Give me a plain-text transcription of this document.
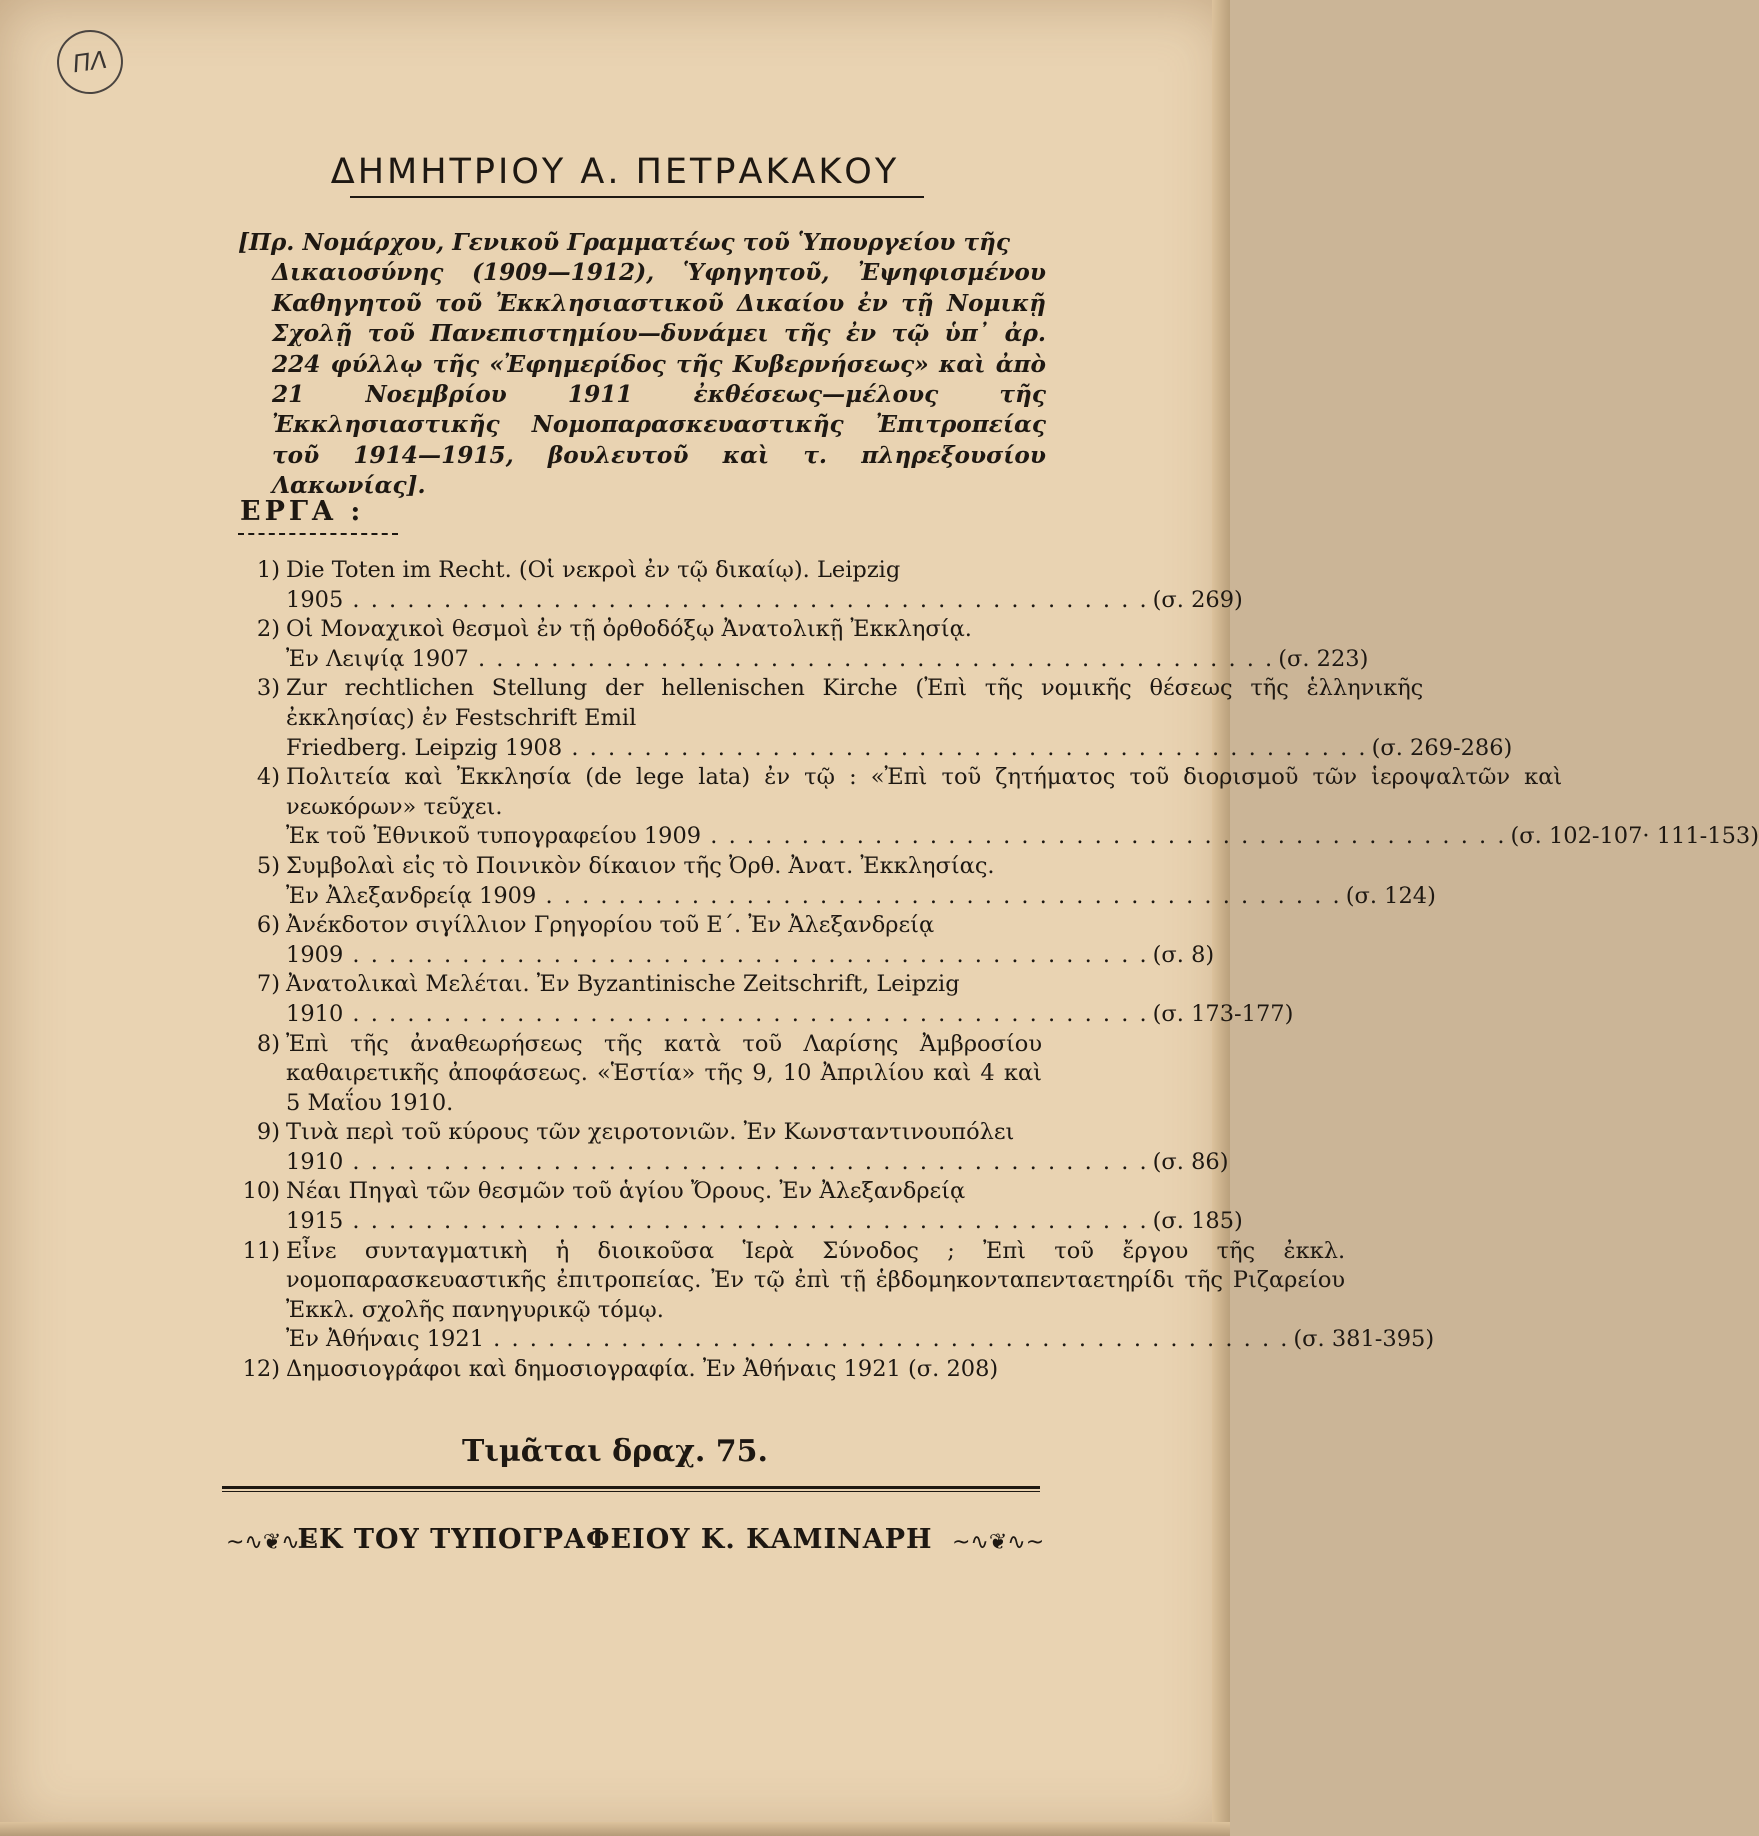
ΠΛ
ΔΗΜΗΤΡΙΟΥ Α. ΠΕΤΡΑΚΑΚΟΥ
[Πρ. Νομάρχου, Γενικοῦ Γραμματέως τοῦ Ὑπουργείου τῆς
Δικαιοσύνης (1909—1912), Ὑφηγητοῦ, Ἐψηφισμένου Καθηγητοῦ τοῦ Ἐκκλησιαστικοῦ Δικαίου ἐν τῇ Νομικῇ Σχολῇ τοῦ Πανεπιστημίου—δυνάμει τῆς ἐν τῷ ὑπ᾽ ἀρ. 224 φύλλῳ τῆς «Ἐφημερίδος τῆς Κυβερνήσεως» καὶ ἀπὸ 21 Νοεμβρίου 1911 ἐκθέσεως—μέλους τῆς Ἐκκλησιαστικῆς Νομοπαρασκευαστικῆς Ἐπιτροπείας τοῦ 1914—1915, βουλευτοῦ καὶ τ. πληρεξουσίου Λακωνίας].
ΕΡΓΑ :
1) Die Toten im Recht. (Οἱ νεκροὶ ἐν τῷ δικαίῳ). Leipzig
1905 . . .	(σ. 269)
2) Οἱ Μοναχικοὶ θεσμοὶ ἐν τῇ ὀρθοδόξῳ Ἀνατολικῇ Ἐκκλησίᾳ.
Ἐν Λειψίᾳ 1907 . . .	(σ. 223)
3) Zur rechtlichen Stellung der hellenischen Kirche (Ἐπὶ τῆς νομικῆς θέσεως τῆς ἑλληνικῆς ἐκκλησίας) ἐν Festschrift Emil
Friedberg. Leipzig 1908 . . .	(σ. 269-286)
4) Πολιτεία καὶ Ἐκκλησία (de lege lata) ἐν τῷ : «Ἐπὶ τοῦ ζητήματος τοῦ διορισμοῦ τῶν ἱεροψαλτῶν καὶ νεωκόρων» τεῦχει.
Ἐκ τοῦ Ἐθνικοῦ τυπογραφείου 1909 . . .	(σ. 102-107· 111-153)
5) Συμβολαὶ εἰς τὸ Ποινικὸν δίκαιον τῆς Ὀρθ. Ἀνατ. Ἐκκλησίας.
Ἐν Ἀλεξανδρείᾳ 1909 . . .	(σ. 124)
6) Ἀνέκδοτον σιγίλλιον Γρηγορίου τοῦ Ε΄. Ἐν Ἀλεξανδρείᾳ
1909 . . .	(σ. 8)
7) Ἀνατολικαὶ Μελέται. Ἐν Byzantinische Zeitschrift, Leipzig
1910 . . .	(σ. 173-177)
8) Ἐπὶ τῆς ἀναθεωρήσεως τῆς κατὰ τοῦ Λαρίσης Ἀμβροσίου καθαιρετικῆς ἀποφάσεως. «Ἑστία» τῆς 9, 10 Ἀπριλίου καὶ 4 καὶ 5 Μαΐου 1910.
9) Τινὰ περὶ τοῦ κύρους τῶν χειροτονιῶν. Ἐν Κωνσταντινουπόλει
1910 . . .	(σ. 86)
10) Νέαι Πηγαὶ τῶν θεσμῶν τοῦ ἁγίου Ὄρους. Ἐν Ἀλεξανδρείᾳ
1915 . . .	(σ. 185)
11) Εἶνε συνταγματικὴ ἡ διοικοῦσα Ἱερὰ Σύνοδος ; Ἐπὶ τοῦ ἔργου τῆς ἐκκλ. νομοπαρασκευαστικῆς ἐπιτροπείας. Ἐν τῷ ἐπὶ τῇ ἑβδομηκονταπενταετηρίδι τῆς Ριζαρείου Ἐκκλ. σχολῆς πανηγυρικῷ τόμῳ.
Ἐν Ἀθήναις 1921 . . .	(σ. 381-395)
12) Δημοσιογράφοι καὶ δημοσιογραφία. Ἐν Ἀθήναις 1921 (σ. 208)
Τιμᾶται δραχ. 75.
~∿❦∿~
ΕΚ ΤΟΥ ΤΥΠΟΓΡΑΦΕΙΟΥ Κ. ΚΑΜΙΝΑΡΗ ~∿❦∿~
